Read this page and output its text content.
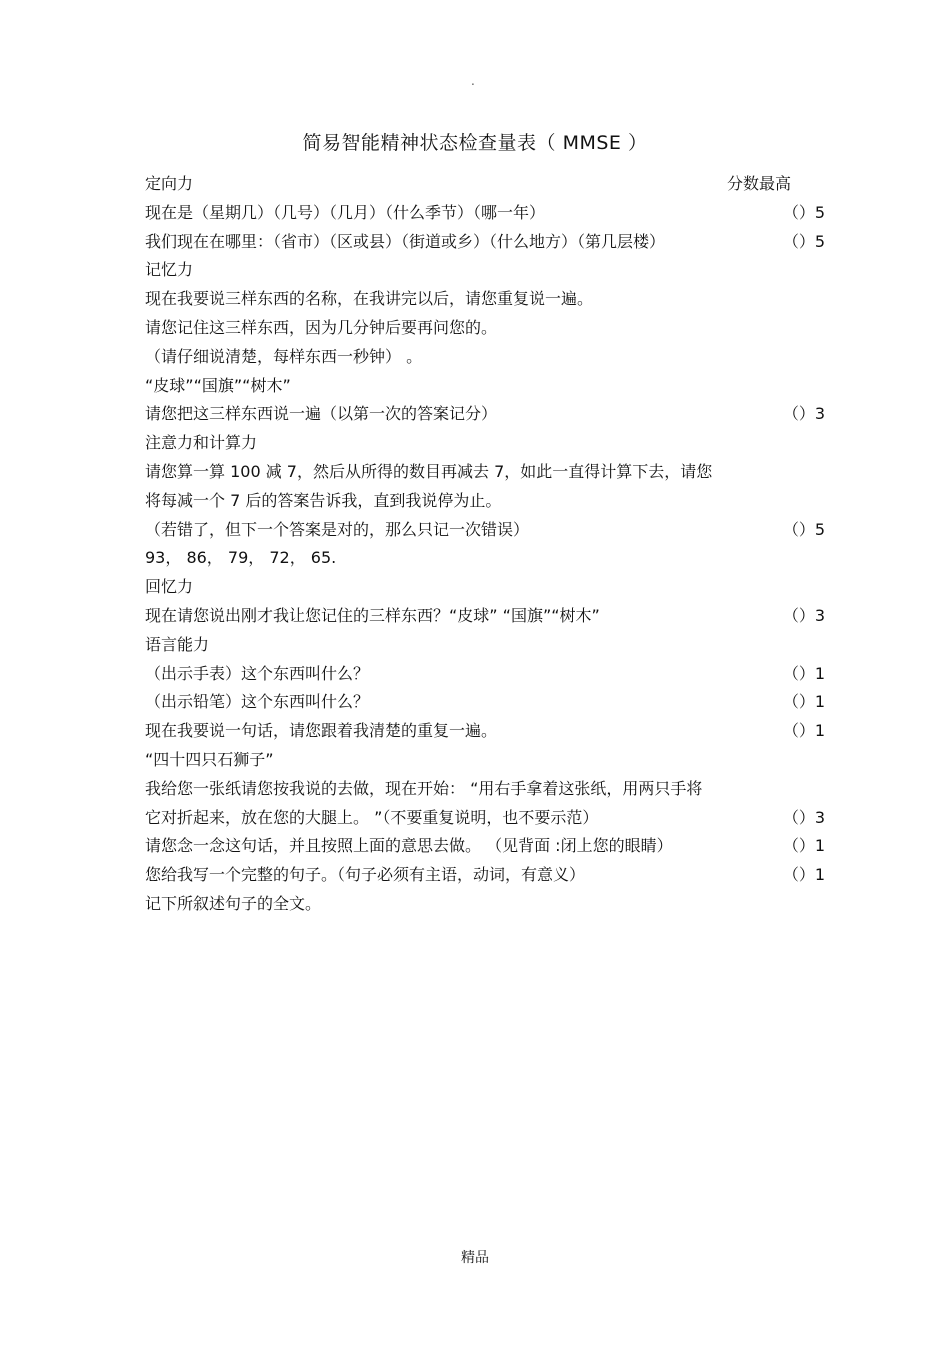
.
简易智能精神状态检查量表（ MMSE ）
定向力	分数最高
现在是（星期几）（几号）（几月）（什么季节）（哪一年）	（）5
我们现在在哪里：（省市）（区或县）（街道或乡）（什么地方）（第几层楼）	（）5
记忆力
现在我要说三样东西的名称，在我讲完以后，请您重复说一遍。
请您记住这三样东西，因为几分钟后要再问您的。
（请仔细说清楚，每样东西一秒钟） 。
“皮球”“国旗”“树木”
请您把这三样东西说一遍（以第一次的答案记分）	（）3
注意力和计算力
请您算一算 100 减 7，然后从所得的数目再减去 7，如此一直得计算下去，请您
将每减一个 7 后的答案告诉我，直到我说停为止。
（若错了，但下一个答案是对的，那么只记一次错误）	（）5
93， 86， 79， 72， 65.
回忆力
现在请您说出刚才我让您记住的三样东西？“皮球” “国旗”“树木”	（）3
语言能力
（出示手表）这个东西叫什么？	（）1
（出示铅笔）这个东西叫什么？	（）1
现在我要说一句话，请您跟着我清楚的重复一遍。	（）1
“四十四只石狮子”
我给您一张纸请您按我说的去做，现在开始： “用右手拿着这张纸，用两只手将
它对折起来，放在您的大腿上。 ”（不要重复说明，也不要示范）	（）3
请您念一念这句话，并且按照上面的意思去做。 （见背面 :闭上您的眼睛）	（）1
您给我写一个完整的句子。（句子必须有主语，动词，有意义）	（）1
记下所叙述句子的全文。
精品
